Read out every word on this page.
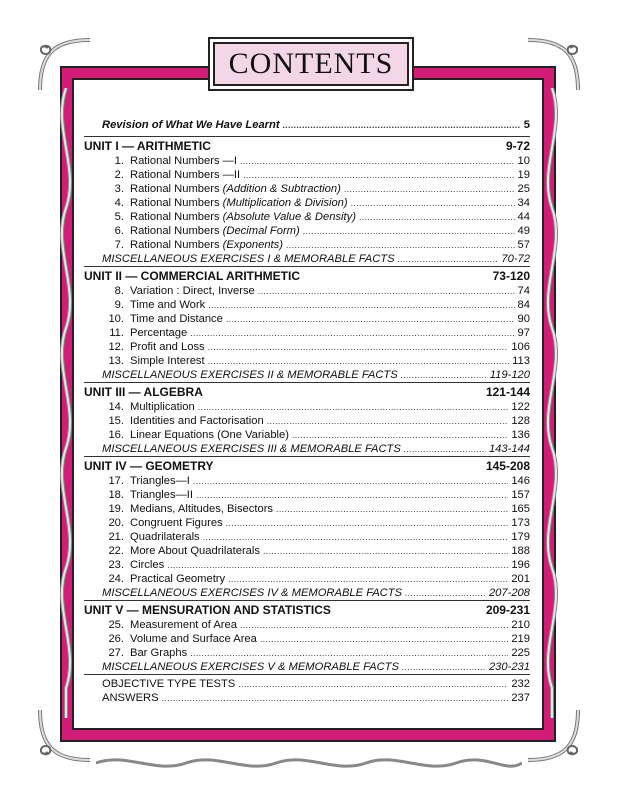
CONTENTS
Revision of What We Have Learnt .....	5
UNIT I — ARITHMETIC	9-72
1. Rational Numbers —I .....	10
2. Rational Numbers —II .....	19
3. Rational Numbers (Addition & Subtraction) .....	25
4. Rational Numbers (Multiplication & Division) .....	34
5. Rational Numbers (Absolute Value & Density) .....	44
6. Rational Numbers (Decimal Form) .....	49
7. Rational Numbers (Exponents) .....	57
MISCELLANEOUS EXERCISES I & MEMORABLE FACTS .....	70-72
UNIT II — COMMERCIAL ARITHMETIC	73-120
8. Variation : Direct, Inverse .....	74
9. Time and Work .....	84
10. Time and Distance .....	90
11. Percentage .....	97
12. Profit and Loss .....	106
13. Simple Interest .....	113
MISCELLANEOUS EXERCISES II & MEMORABLE FACTS .....	119-120
UNIT III — ALGEBRA	121-144
14. Multiplication .....	122
15. Identities and Factorisation .....	128
16. Linear Equations (One Variable) .....	136
MISCELLANEOUS EXERCISES III & MEMORABLE FACTS .....	143-144
UNIT IV — GEOMETRY	145-208
17. Triangles—I .....	146
18. Triangles—II .....	157
19. Medians, Altitudes, Bisectors .....	165
20. Congruent Figures .....	173
21. Quadrilaterals .....	179
22. More About Quadrilaterals .....	188
23. Circles .....	196
24. Practical Geometry .....	201
MISCELLANEOUS EXERCISES IV & MEMORABLE FACTS .....	207-208
UNIT V — MENSURATION AND STATISTICS	209-231
25. Measurement of Area .....	210
26. Volume and Surface Area .....	219
27. Bar Graphs .....	225
MISCELLANEOUS EXERCISES V & MEMORABLE FACTS .....	230-231
OBJECTIVE TYPE TESTS .....	232
ANSWERS .....	237
